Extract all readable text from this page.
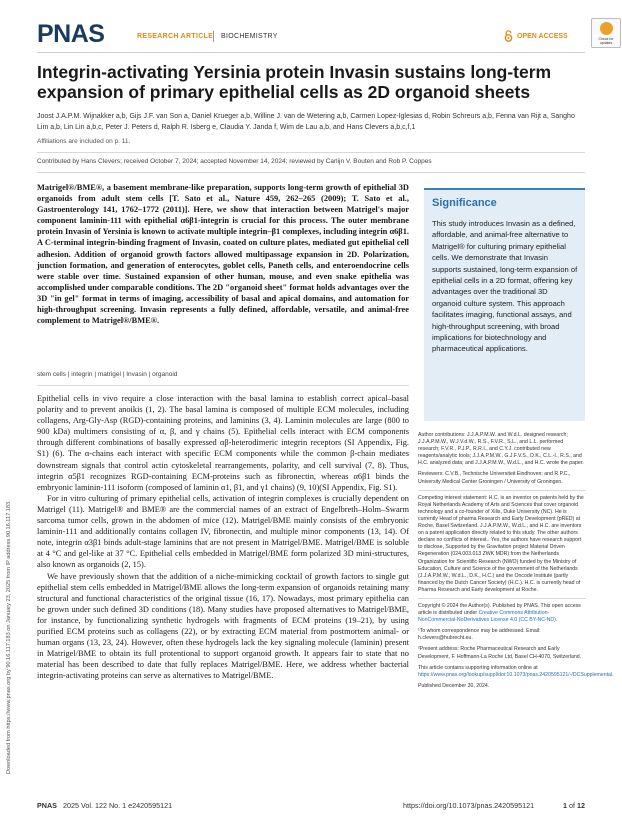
PNAS	RESEARCH ARTICLE BIOCHEMISTRY	OPEN ACCESS	Check for updates
Integrin-activating Yersinia protein Invasin sustains long-term expansion of primary epithelial cells as 2D organoid sheets
Joost J.A.P.M. Wijnakker a,b, Gijs J.F. van Son a, Daniel Krueger a,b, Willine J. van de Wetering a,b, Carmen Lopez-Iglesias d, Robin Schreurs a,b, Fenna van Rijt a, Sangho Lim a,b, Lin Lin a,b,c, Peter J. Peters d, Ralph R. Isberg e, Claudia Y. Janda f, Wim de Lau a,b, and Hans Clevers a,b,c,f,1
Affiliations are included on p. 11.
Contributed by Hans Clevers; received October 7, 2024; accepted November 14, 2024; reviewed by Carlijn V. Bouten and Rob P. Coppes
Matrigel®/BME®, a basement membrane-like preparation, supports long-term growth of epithelial 3D organoids from adult stem cells [T. Sato et al., Nature 459, 262–265 (2009); T. Sato et al., Gastroenterology 141, 1762–1772 (2011)]. Here, we show that interaction between Matrigel's major component laminin-111 with epithelial α6β1-integrin is crucial for this process. The outer membrane protein Invasin of Yersinia is known to activate multiple integrin–β1 complexes, including integrin α6β1. A C-terminal integrin-binding fragment of Invasin, coated on culture plates, mediated gut epithelial cell adhesion. Addition of organoid growth factors allowed multipassage expansion in 2D. Polarization, junction formation, and generation of enterocytes, goblet cells, Paneth cells, and enteroendocrine cells were stable over time. Sustained expansion of other human, mouse, and even snake epithelia was accomplished under comparable conditions. The 2D "organoid sheet" format holds advantages over the 3D "in gel" format in terms of imaging, accessibility of basal and apical domains, and automation for high-throughput screening. Invasin represents a fully defined, affordable, versatile, and animal-free complement to Matrigel®/BME®.
stem cells | integrin | matrigel | Invasin | organoid

Epithelial cells in vivo require a close interaction with the basal lamina to establish correct apical–basal polarity and to prevent anoikis (1, 2). The basal lamina is composed of multiple ECM molecules, including collagens, Arg-Gly-Asp (RGD)-containing proteins, and laminins (3, 4). Laminin molecules are large (800 to 900 kDa) multimers consisting of α, β, and γ chains (5). Epithelial cells interact with ECM components through different combinations of basally expressed αβ-heterodimeric integrin receptors (SI Appendix, Fig. S1) (6). The α-chains each interact with specific ECM components while the common β-chain mediates downstream signals that control actin cytoskeletal rearrangements, polarity, and cell survival (7, 8). Thus, integrin α5β1 recognizes RGD-containing ECM-proteins such as fibronectin, whereas α6β1 binds the embryonic laminin-111 isoform (composed of laminin α1, β1, and γ1 chains) (9, 10)(SI Appendix, Fig. S1).

For in vitro culturing of primary epithelial cells, activation of integrin complexes is crucially dependent on Matrigel (11). Matrigel® and BME® are the commercial names of an extract of Engelbreth–Holm–Swarm sarcoma tumor cells, grown in the abdomen of mice (12). Matrigel/BME mainly consists of the embryonic laminin-111 and additionally contains collagen IV, fibronectin, and multiple minor components (13, 14). Of note, integrin α3β1 binds adult-stage laminins that are not present in Matrigel/BME. Matrigel/BME is soluble at 4 °C and gel-like at 37 °C. Epithelial cells embedded in Matrigel/BME form polarized 3D mini-structures, also known as organoids (2, 15).

We have previously shown that the addition of a niche-mimicking cocktail of growth factors to single gut epithelial stem cells embedded in Matrigel/BME allows the long-term expansion of organoids retaining many structural and functional characteristics of the original tissue (16, 17). Nowadays, most primary epithelia can be grown under such defined 3D conditions (18). Many studies have proposed alternatives to Matrigel/BME, for instance, by functionalizing synthetic hydrogels with fragments of ECM proteins (19–21), by using purified ECM proteins such as collagens (22), or by extracting ECM material from postmortem animal- or human organs (13, 23, 24). However, often these hydrogels lack the key signaling molecule (laminin) present in Matrigel/BME to obtain its full protentional to support organoid growth. It appears fair to state that no material has been described to date that fully replaces Matrigel/BME. Here, we address whether bacterial integrin-activating proteins can serve as alternatives to Matrigel/BME.

Significance
This study introduces Invasin as a defined, affordable, and animal-free alternative to Matrigel® for culturing primary epithelial cells. We demonstrate that Invasin supports sustained, long-term expansion of epithelial cells in a 2D format, offering key advantages over the traditional 3D organoid culture system. This approach facilitates imaging, functional assays, and high-throughput screening, with broad implications for biotechnology and pharmaceutical applications.

Author contributions: J.J.A.P.M.W. and W.d.L. designed research; J.J.A.P.M.W., W.J.V.d.W., R.S., F.V.R., S.L., and L.L. performed research; F.V.R., P.J.P., R.R.I., and C.Y.J. contributed new reagents/analytic tools; J.J.A.P.M.W., G.J.F.V.S., D.K., C.L.-I., R.S., and H.C. analyzed data; and J.J.A.P.M.W., W.d.L., and H.C. wrote the paper.

Reviewers: C.V.B., Technische Universiteit Eindhoven; and R.P.C., University Medical Center Groningen / University of Groningen.

Competing interest statement: H.C. is an inventor on patents held by the Royal Netherlands Academy of Arts and Sciences that cover organoid technology and a co-founder of Xilis, Duke University (NC). He is currently Head of pharma Research and Early Development (pRED) at Roche, Basel Switzerland. J.J.A.P.M.W., W.d.L., and H.C. are inventors on a patent application directly related to this study. The other authors declare no conflicts of interest.. Yes, the authors have research support to disclose, Supported by the Gravitation project Material Driven Regeneration (024.003.013 ZWK MDR) from the Netherlands Organization for Scientific Research (NWO) funded by the Ministry of Education, Culture and Science of the government of the Netherlands (J.J.A.P.M.W., W.d.L., D.K., H.C.) and the Oncode Institute (partly financed by the Dutch Cancer Society) (H.C.). H.C. is currently head of Pharma Research and Early development at Roche.

Copyright © 2024 the Author(s). Published by PNAS. This open access article is distributed under Creative Commons Attribution-NonCommercial-NoDerivatives License 4.0 (CC BY-NC-ND).

¹To whom correspondence may be addressed. Email: h.clevers@hubrecht.eu.

²Present address: Roche Pharmaceutical Research and Early Development, F. Hoffmann-La Roche Ltd, Basel CH-4070, Switzerland.

This article contains supporting information online at https://www.pnas.org/lookup/suppl/doi:10.1073/pnas.2420595121/-/DCSupplemental.

Published December 30, 2024.

Downloaded from https://www.pnas.org by 90.16.117.183 on January 23, 2025 from IP address 90.16.117.183.
PNAS 2025 Vol. 122 No. 1 e2420595121	https://doi.org/10.1073/pnas.2420595121	1 of 12
